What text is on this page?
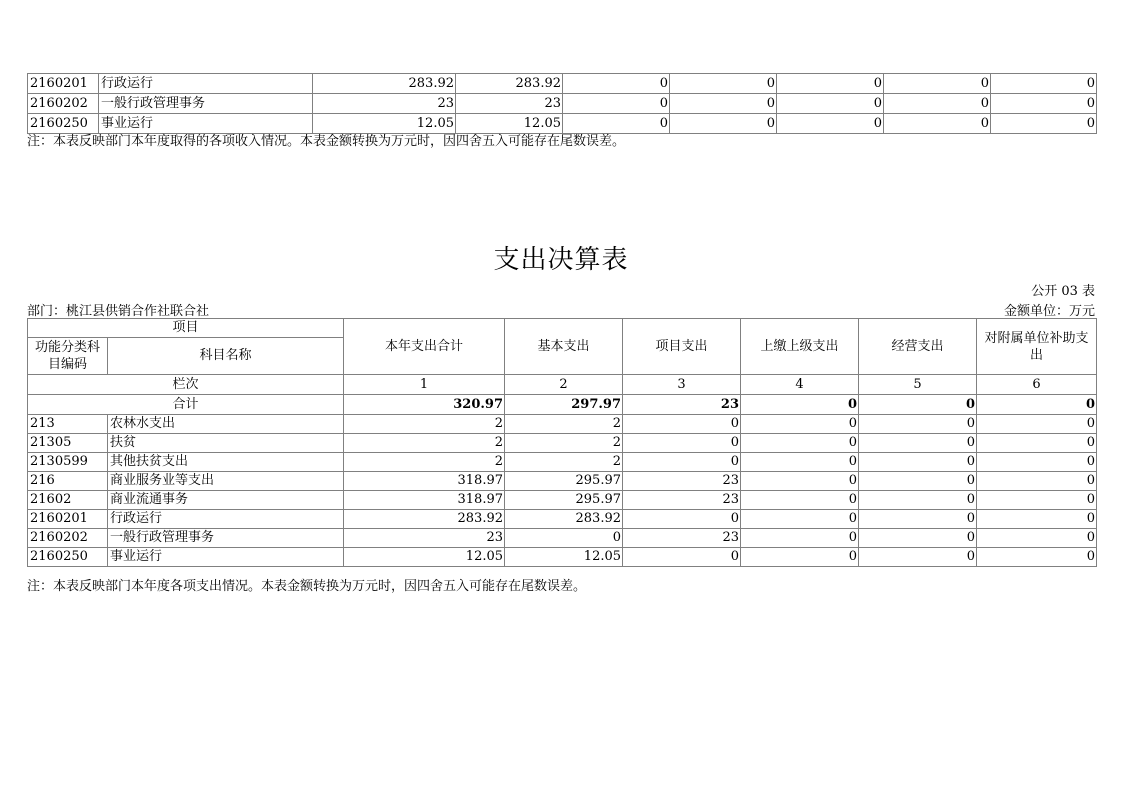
2160201	行政运行	283.92	283.92	0	0	0	0	0
2160202	一般行政管理事务	23	23	0	0	0	0	0
2160250	事业运行	12.05	12.05	0	0	0	0	0
注：本表反映部门本年度取得的各项收入情况。本表金额转换为万元时，因四舍五入可能存在尾数误差。
支出决算表
公开 03 表
部门：桃江县供销合作社联合社	金额单位：万元
项目		本年支出合计	基本支出	项目支出	上缴上级支出	经营支出	对附属单位补助支出
功能分类科目编码	科目名称						
栏次		1	2	3	4	5	6
合计		320.97	297.97	23	0	0	0
213	农林水支出	2	2	0	0	0	0
21305	扶贫	2	2	0	0	0	0
2130599	其他扶贫支出	2	2	0	0	0	0
216	商业服务业等支出	318.97	295.97	23	0	0	0
21602	商业流通事务	318.97	295.97	23	0	0	0
2160201	行政运行	283.92	283.92	0	0	0	0
2160202	一般行政管理事务	23	0	23	0	0	0
2160250	事业运行	12.05	12.05	0	0	0	0
注：本表反映部门本年度各项支出情况。本表金额转换为万元时，因四舍五入可能存在尾数误差。
